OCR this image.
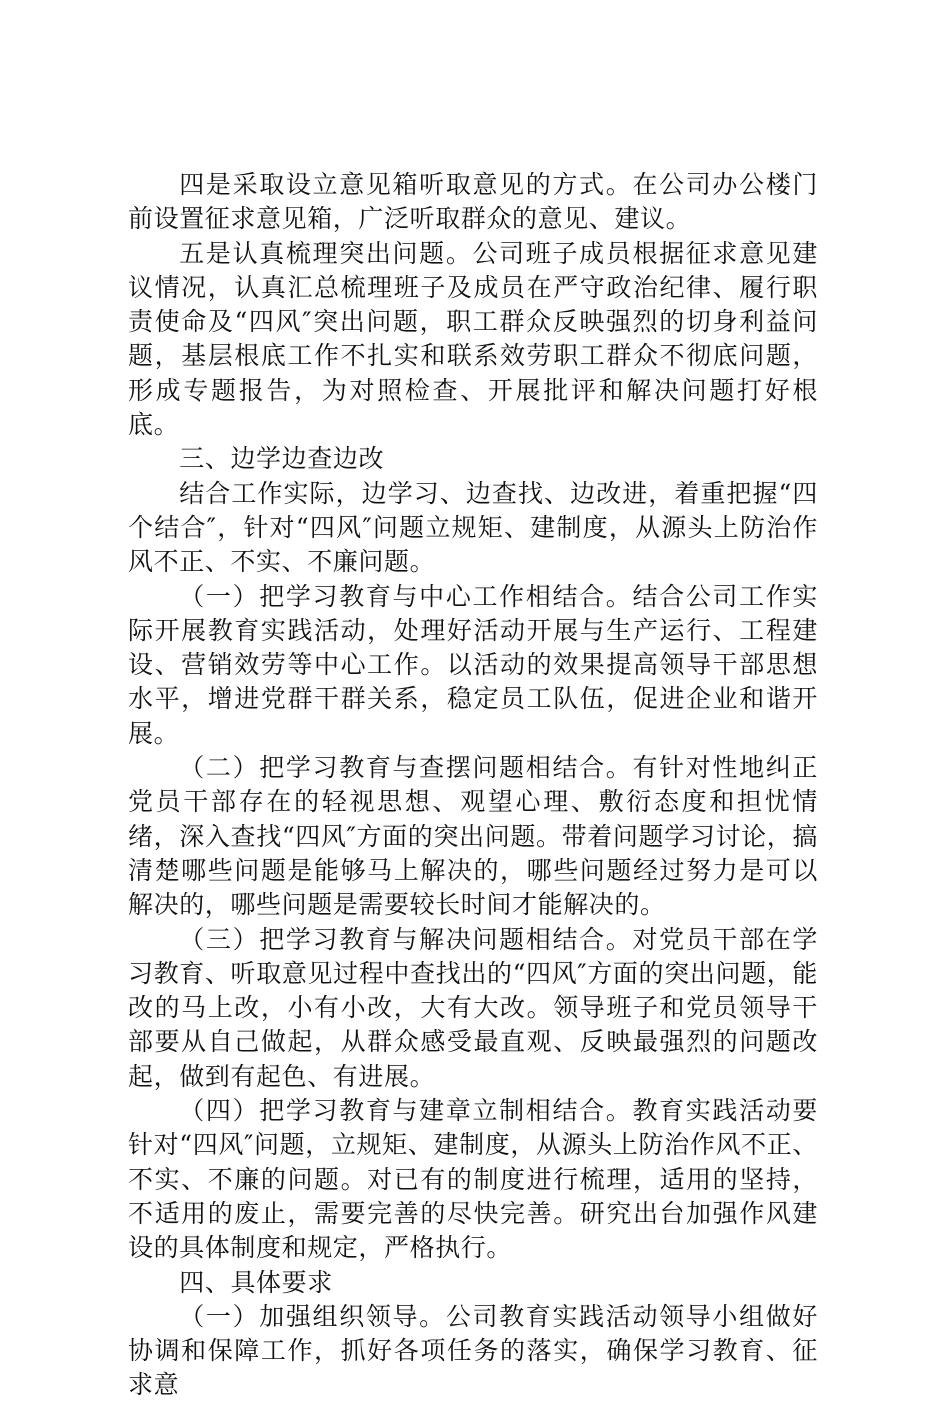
四是采取设立意见箱听取意见的方式。在公司办公楼门前设置征求意见箱，广泛听取群众的意见、建议。

五是认真梳理突出问题。公司班子成员根据征求意见建议情况，认真汇总梳理班子及成员在严守政治纪律、履行职责使命及“四风″突出问题，职工群众反映强烈的切身利益问题，基层根底工作不扎实和联系效劳职工群众不彻底问题，形成专题报告，为对照检查、开展批评和解决问题打好根底。

三、边学边查边改

结合工作实际，边学习、边查找、边改进，着重把握“四个结合″，针对“四风″问题立规矩、建制度，从源头上防治作风不正、不实、不廉问题。

（一）把学习教育与中心工作相结合。结合公司工作实际开展教育实践活动，处理好活动开展与生产运行、工程建设、营销效劳等中心工作。以活动的效果提高领导干部思想水平，增进党群干群关系，稳定员工队伍，促进企业和谐开展。

（二）把学习教育与查摆问题相结合。有针对性地纠正党员干部存在的轻视思想、观望心理、敷衍态度和担忧情绪，深入查找“四风″方面的突出问题。带着问题学习讨论，搞清楚哪些问题是能够马上解决的，哪些问题经过努力是可以解决的，哪些问题是需要较长时间才能解决的。

（三）把学习教育与解决问题相结合。对党员干部在学习教育、听取意见过程中查找出的“四风″方面的突出问题，能改的马上改，小有小改，大有大改。领导班子和党员领导干部要从自己做起，从群众感受最直观、反映最强烈的问题改起，做到有起色、有进展。

（四）把学习教育与建章立制相结合。教育实践活动要针对“四风″问题，立规矩、建制度，从源头上防治作风不正、不实、不廉的问题。对已有的制度进行梳理，适用的坚持，不适用的废止，需要完善的尽快完善。研究出台加强作风建设的具体制度和规定，严格执行。

四、具体要求

（一）加强组织领导。公司教育实践活动领导小组做好协调和保障工作，抓好各项任务的落实，确保学习教育、征求意
